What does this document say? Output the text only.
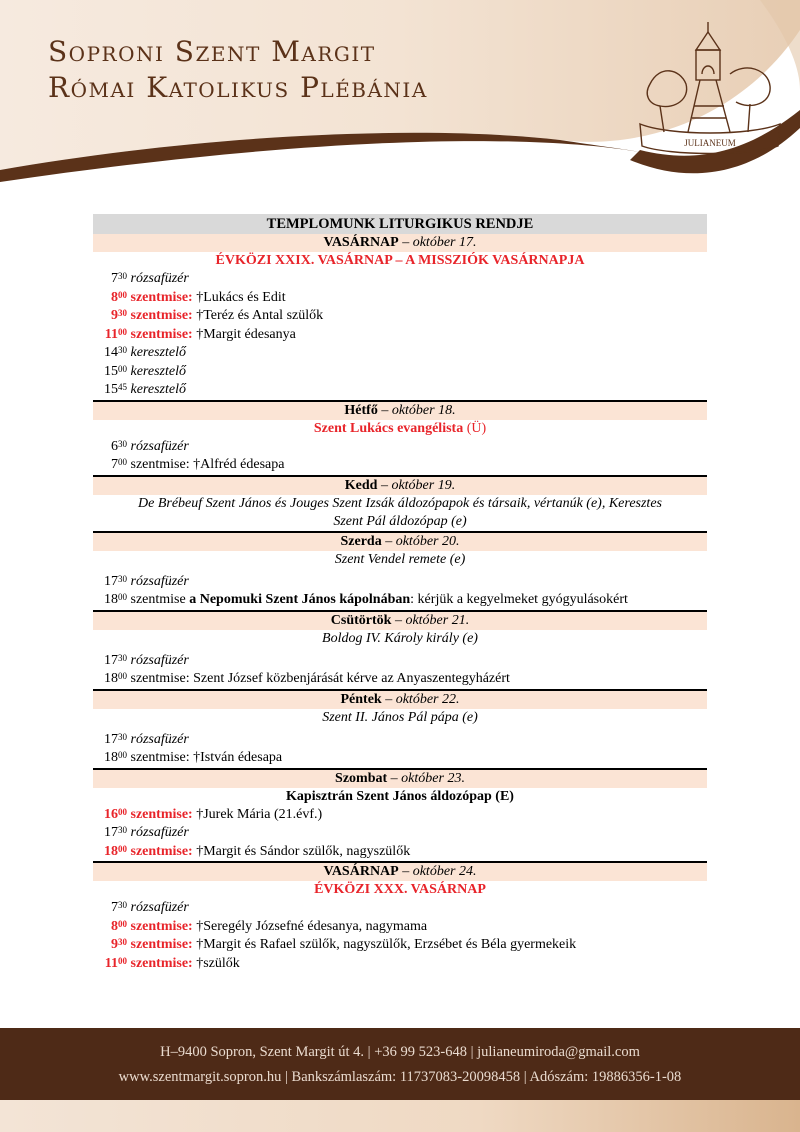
Soproni Szent Margit
Római Katolikus Plébánia
JULIANEUM
TEMPLOMUNK LITURGIKUS RENDJE
VASÁRNAP – október 17.
ÉVKÖZI XXIX. VASÁRNAP – A MISSZIÓK VASÁRNAPJA
$7^{30}$ rózsafüzér
$8^{00}$ szentmise: †Lukács és Edit
$9^{30}$ szentmise: †Teréz és Antal szülők
$11^{00}$ szentmise: †Margit édesanya
$14^{30}$ keresztelő
$15^{00}$ keresztelő
$15^{45}$ keresztelő
Hétfő – október 18.
Szent Lukács evangélista (Ü)
$6^{30}$ rózsafüzér
$7^{00}$ szentmise: †Alfréd édesapa
Kedd – október 19.
De Brébeuf Szent János és Jouges Szent Izsák áldozópapok és társaik, vértanúk (e), Keresztes
Szent Pál áldozópap (e)
Szerda – október 20.
Szent Vendel remete (e)
$17^{30}$ rózsafüzér
$18^{00}$ szentmise a Nepomuki Szent János kápolnában: kérjük a kegyelmeket gyógyulásokért
Csütörtök – október 21.
Boldog IV. Károly király (e)
$17^{30}$ rózsafüzér
$18^{00}$ szentmise: Szent József közbenjárását kérve az Anyaszentegyházért
Péntek – október 22.
Szent II. János Pál pápa (e)
$17^{30}$ rózsafüzér
$18^{00}$ szentmise: †István édesapa
Szombat – október 23.
Kapisztrán Szent János áldozópap (E)
$16^{00}$ szentmise: †Jurek Mária (21.évf.)
$17^{30}$ rózsafüzér
$18^{00}$ szentmise: †Margit és Sándor szülők, nagyszülők
VASÁRNAP – október 24.
ÉVKÖZI XXX. VASÁRNAP
$7^{30}$ rózsafüzér
$8^{00}$ szentmise: †Seregély Józsefné édesanya, nagymama
$9^{30}$ szentmise: †Margit és Rafael szülők, nagyszülők, Erzsébet és Béla gyermekeik
$11^{00}$ szentmise: †szülők
H–9400 Sopron, Szent Margit út 4. | +36 99 523-648 | julianeumiroda@gmail.com
www.szentmargit.sopron.hu | Bankszámlaszám: 11737083-20098458 | Adószám: 19886356-1-08
